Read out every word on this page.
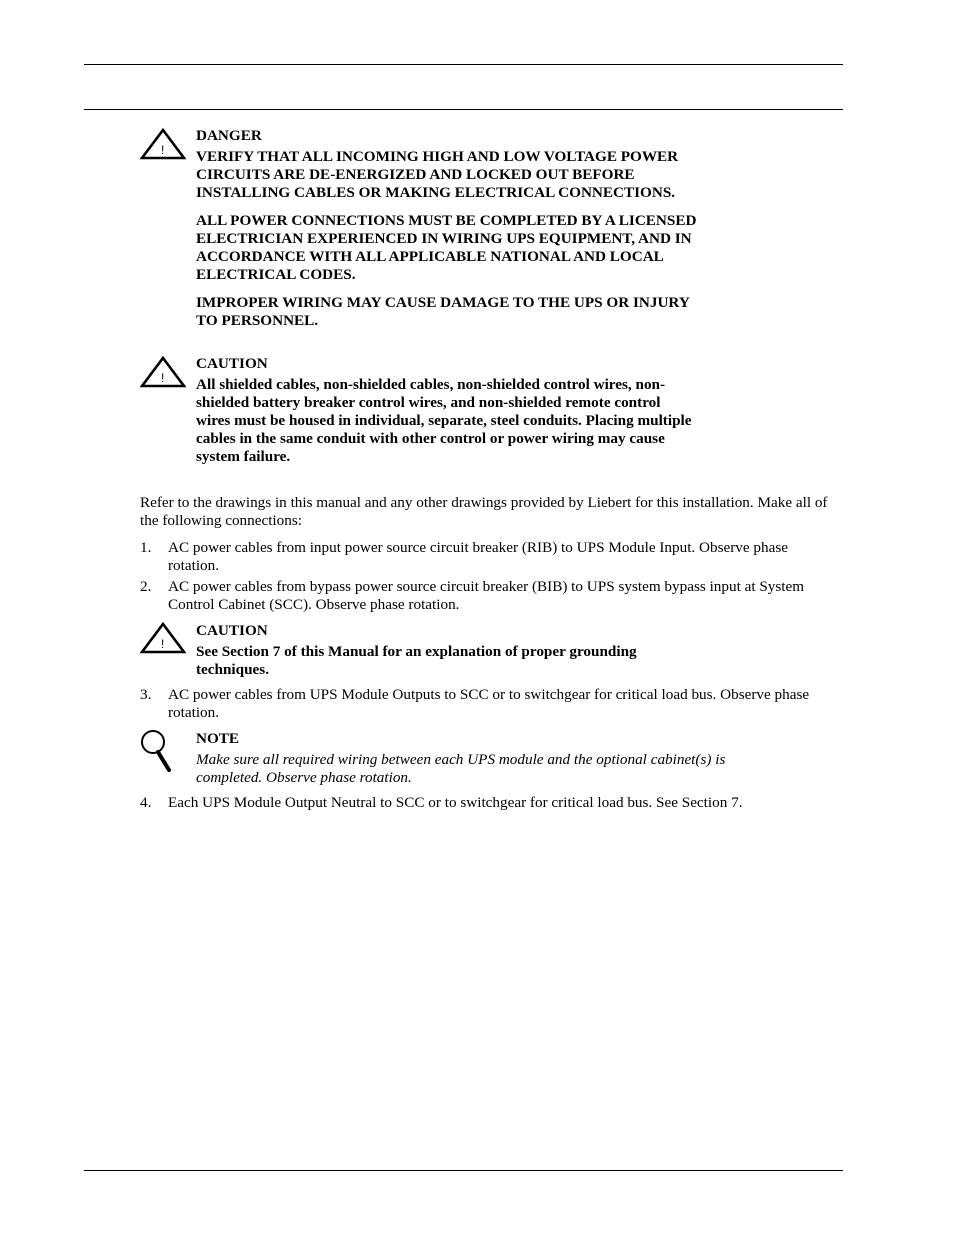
!
DANGER

VERIFY THAT ALL INCOMING HIGH AND LOW VOLTAGE POWER CIRCUITS ARE DE-ENERGIZED AND LOCKED OUT BEFORE INSTALLING CABLES OR MAKING ELECTRICAL CONNECTIONS.

ALL POWER CONNECTIONS MUST BE COMPLETED BY A LICENSED ELECTRICIAN EXPERIENCED IN WIRING UPS EQUIPMENT, AND IN ACCORDANCE WITH ALL APPLICABLE NATIONAL AND LOCAL ELECTRICAL CODES.

IMPROPER WIRING MAY CAUSE DAMAGE TO THE UPS OR INJURY TO PERSONNEL.

!
CAUTION

All shielded cables, non-shielded cables, non-shielded control wires, non-shielded battery breaker control wires, and non-shielded remote control wires must be housed in individual, separate, steel conduits. Placing multiple cables in the same conduit with other control or power wiring may cause system failure.

Refer to the drawings in this manual and any other drawings provided by Liebert for this installation. Make all of the following connections:
1. AC power cables from input power source circuit breaker (RIB) to UPS Module Input. Observe phase rotation.
2. AC power cables from bypass power source circuit breaker (BIB) to UPS system bypass input at System Control Cabinet (SCC). Observe phase rotation.
!
CAUTION

See Section 7 of this Manual for an explanation of proper grounding techniques.

3. AC power cables from UPS Module Outputs to SCC or to switchgear for critical load bus. Observe phase rotation.
NOTE

Make sure all required wiring between each UPS module and the optional cabinet(s) is completed. Observe phase rotation.

4. Each UPS Module Output Neutral to SCC or to switchgear for critical load bus. See Section 7.
